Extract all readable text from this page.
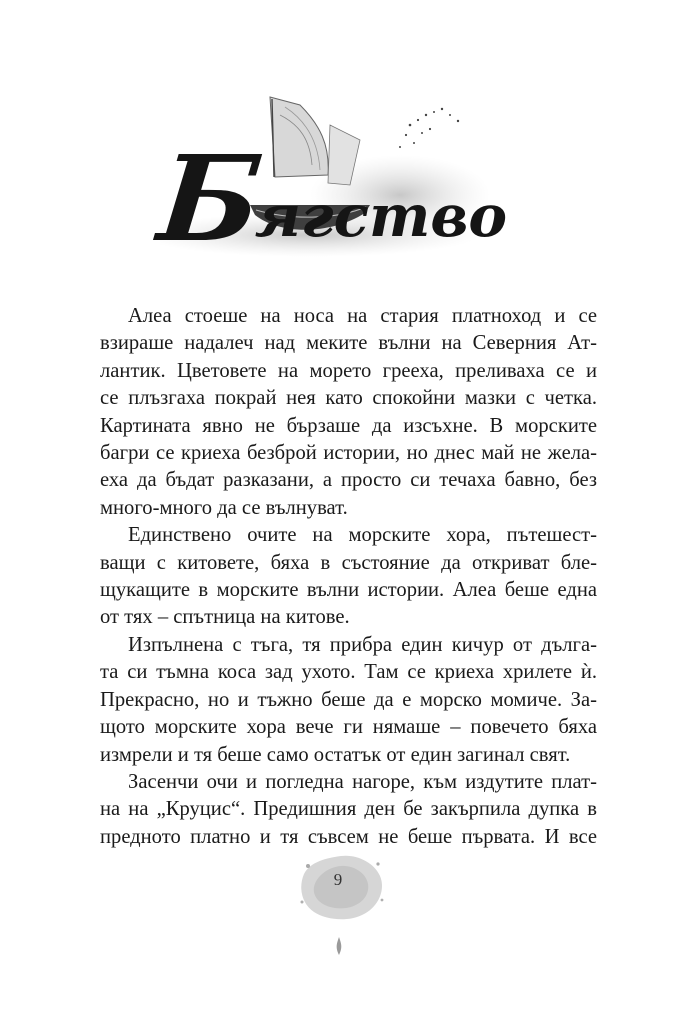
Бягство
Алеа стоеше на носа на стария платноход и се
взираше надалеч над меките вълни на Северния Ат-
лантик. Цветовете на морето грееха, преливаха се и
се плъзгаха покрай нея като спокойни мазки с четка.
Картината явно не бързаше да изсъхне. В морските
багри се криеха безброй истории, но днес май не жела-
еха да бъдат разказани, а просто си течаха бавно, без
много-много да се вълнуват.
Единствено очите на морските хора, пътешест-
ващи с китовете, бяха в състояние да откриват бле-
щукащите в морските вълни истории. Алеа беше една
от тях – спътница на китове.
Изпълнена с тъга, тя прибра един кичур от дълга-
та си тъмна коса зад ухото. Там се криеха хрилете ѝ.
Прекрасно, но и тъжно беше да е морско момиче. За-
щото морските хора вече ги нямаше – повечето бяха
измрели и тя беше само остатък от един загинал свят.
Засенчи очи и погледна нагоре, към издутите плат-
на на „Круцис“. Предишния ден бе закърпила дупка в
предното платно и тя съвсем не беше първата. И все
9
